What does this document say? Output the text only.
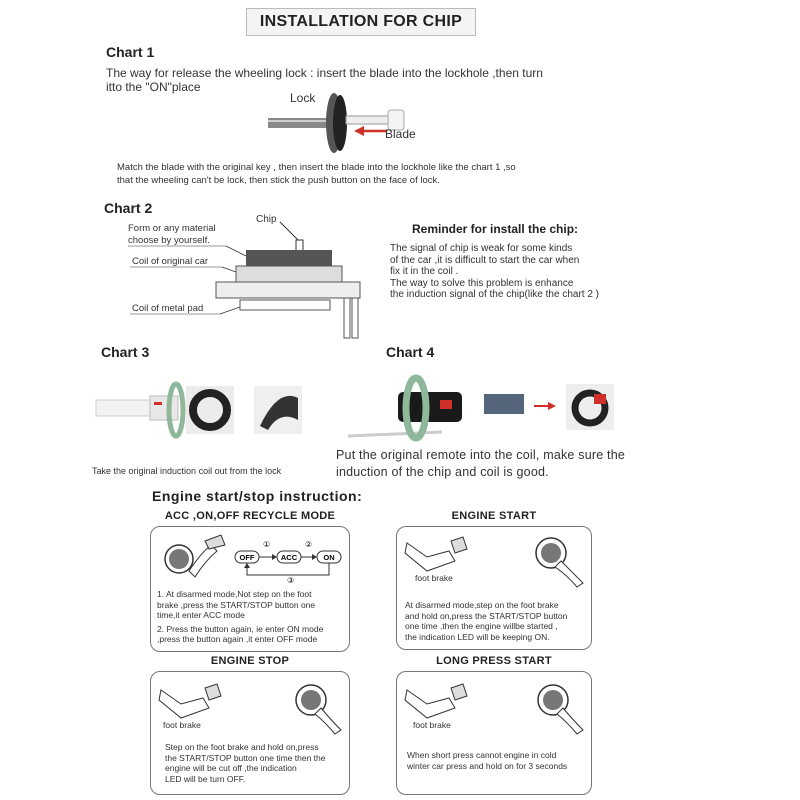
INSTALLATION FOR CHIP
Chart 1
The way for release the wheeling lock : insert the blade into the lockhole ,then turn
itto the "ON"place
Lock
Blade
Match the blade with the original key , then insert the blade into the lockhole like the chart 1 ,so
that the wheeling can't be lock, then stick the push button on the face of lock.
Chart 2
Chip
Form or any material
choose by yourself.
Coil of original car
Coil of metal pad
Reminder for install the chip:
The signal of chip is weak for some kinds
of the car ,it is difficult to start the car when
fix it in the coil .
The way to solve this problem is enhance
the induction signal of the chip(like the chart 2 )
Chart 3
Take the original induction coil out from the lock
Chart 4
Put the original remote into the coil, make sure the
induction of the chip and coil is good.
Engine start/stop instruction:
ACC ,ON,OFF RECYCLE MODE
OFF	ACC	ON
①	②
③
1. At disarmed mode,Not step on the foot
brake ,press the START/STOP button one
time,it enter ACC mode
2. Press the button again, ie enter ON mode
,press the button again ,it enter OFF mode
ENGINE START
foot brake
At disarmed mode,step on the foot brake
and hold on,press the START/STOP button
one time ,then the engine willbe started ,
the indication LED will be keeping ON.
ENGINE STOP
foot brake
Step on the foot brake and hold on,press
the START/STOP button one time then the
engine will be cut off ,the indication
LED will be turn OFF.
LONG PRESS START
foot brake
When short press cannot engine in cold
winter car press and hold on for 3 seconds
